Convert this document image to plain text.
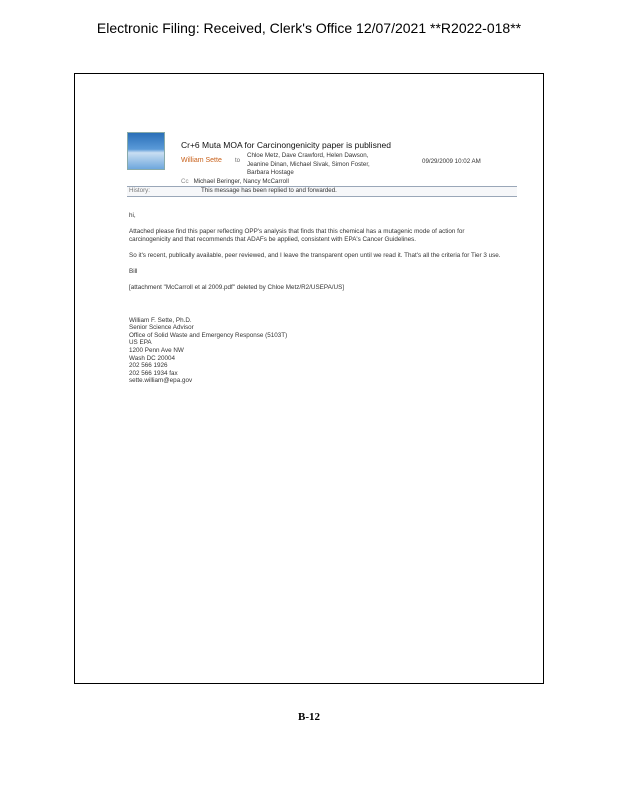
Electronic Filing: Received, Clerk's Office 12/07/2021 **R2022-018**
Cr+6 Muta MOA for Carcinongenicity paper is publisned
William Sette to
Chloe Metz, Dave Crawford, Helen Dawson,
Jeanine Dinan, Michael Sivak, Simon Foster,
Barbara Hostage
09/29/2009 10:02 AM
Cc Michael Beringer, Nancy McCarroll
History:	This message has been replied to and forwarded.

hi,

Attached please find this paper reflecting OPP's analysis that finds that this chemical has a mutagenic mode of action for carcinogenicity and that recommends that ADAFs be applied, consistent with EPA's Cancer Guidelines.

So it's recent, publically available, peer reviewed, and I leave the transparent open until we read it. That's all the criteria for Tier 3 use.

Bill

[attachment "McCarroll et al 2009.pdf" deleted by Chloe Metz/R2/USEPA/US]

William F. Sette, Ph.D.
Senior Science Advisor
Office of Solid Waste and Emergency Response (5103T)
US EPA
1200 Penn Ave NW
Wash DC 20004
202 566 1926
202 566 1934 fax
sette.william@epa.gov
B-12
